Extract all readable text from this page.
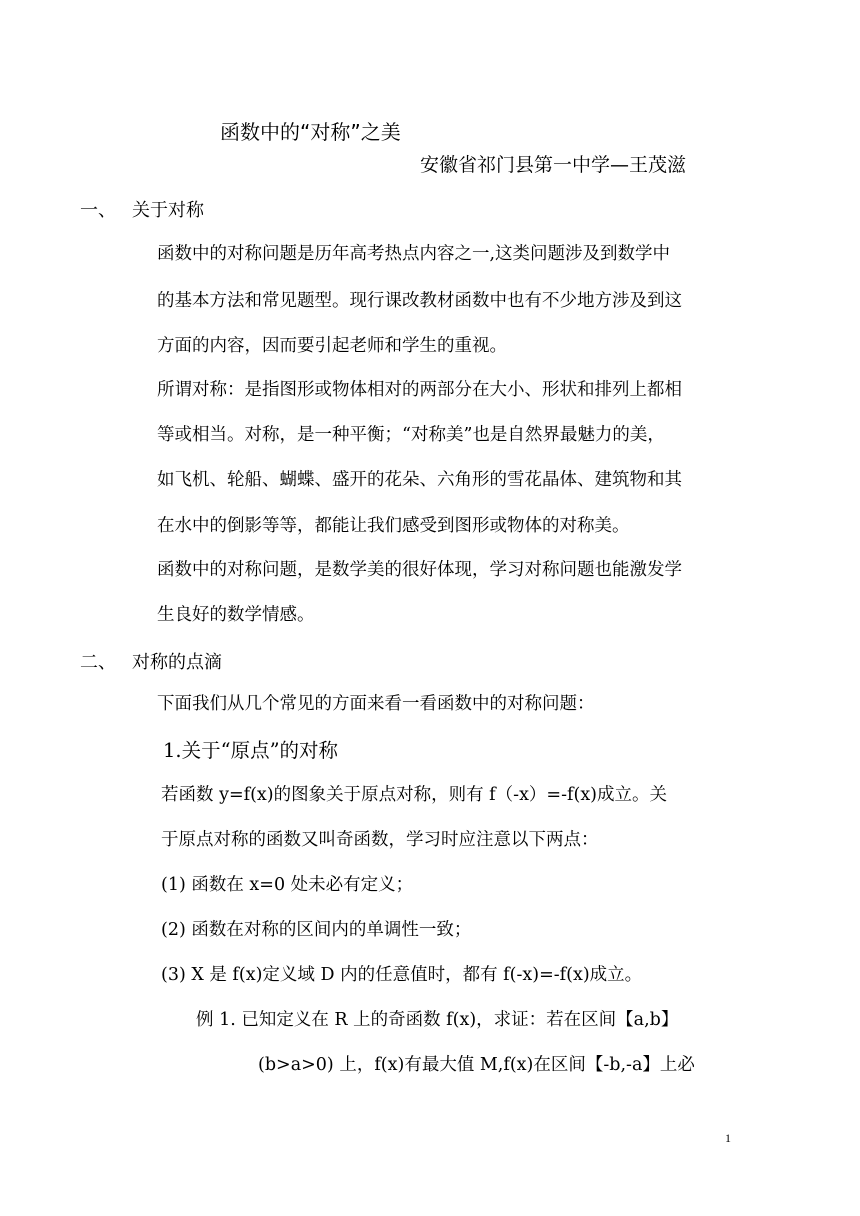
函数中的“对称”之美
安徽省祁门县第一中学—王茂滋
一、 关于对称
函数中的对称问题是历年高考热点内容之一,这类问题涉及到数学中
的基本方法和常见题型。现行课改教材函数中也有不少地方涉及到这
方面的内容，因而要引起老师和学生的重视。
所谓对称：是指图形或物体相对的两部分在大小、形状和排列上都相
等或相当。对称，是一种平衡；“对称美”也是自然界最魅力的美，
如飞机、轮船、蝴蝶、盛开的花朵、六角形的雪花晶体、建筑物和其
在水中的倒影等等，都能让我们感受到图形或物体的对称美。
函数中的对称问题，是数学美的很好体现，学习对称问题也能激发学
生良好的数学情感。
二、 对称的点滴
下面我们从几个常见的方面来看一看函数中的对称问题：
1.关于“原点”的对称
若函数 y=f(x)的图象关于原点对称，则有 f（-x）=-f(x)成立。关
于原点对称的函数又叫奇函数，学习时应注意以下两点：
(1) 函数在 x=0 处未必有定义；
(2) 函数在对称的区间内的单调性一致；
(3) X 是 f(x)定义域 D 内的任意值时，都有 f(-x)=-f(x)成立。
例 1. 已知定义在 R 上的奇函数 f(x)，求证：若在区间【a,b】
(b>a>0) 上，f(x)有最大值 M,f(x)在区间【-b,-a】上必
1
